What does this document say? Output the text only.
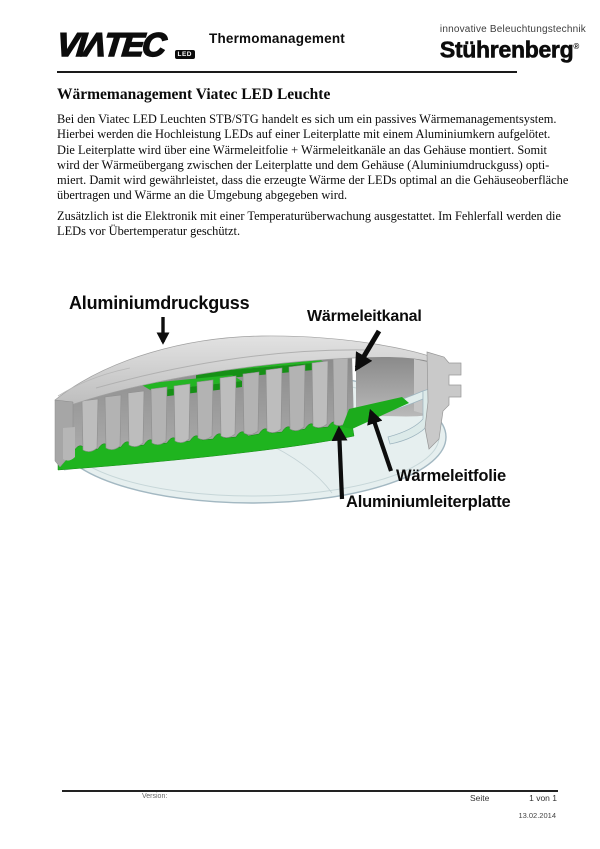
VIΛTEC	LED
Thermomanagement
innovative Beleuchtungstechnik
Stührenberg®
Wärmemanagement Viatec LED Leuchte
Bei den Viatec LED Leuchten STB/STG handelt es sich um ein passives Wärmemanagementsystem.
Hierbei werden die Hochleistung LEDs auf einer Leiterplatte mit einem Aluminiumkern aufgelötet.
Die Leiterplatte wird über eine Wärmeleitfolie + Wärmeleitkanäle an das Gehäuse montiert. Somit
wird der Wärmeübergang zwischen der Leiterplatte und dem Gehäuse (Aluminiumdruckguss) opti-
miert. Damit wird gewährleistet, dass die erzeugte Wärme der LEDs optimal an die Gehäuseoberfläche
übertragen und Wärme an die Umgebung abgegeben wird.
Zusätzlich ist die Elektronik mit einer Temperaturüberwachung ausgestattet. Im Fehlerfall werden die
LEDs vor Übertemperatur geschützt.
Aluminiumdruckguss
Wärmeleitkanal
Wärmeleitfolie
Aluminiumleiterplatte
Version:	Seite	1 von 1
13.02.2014
